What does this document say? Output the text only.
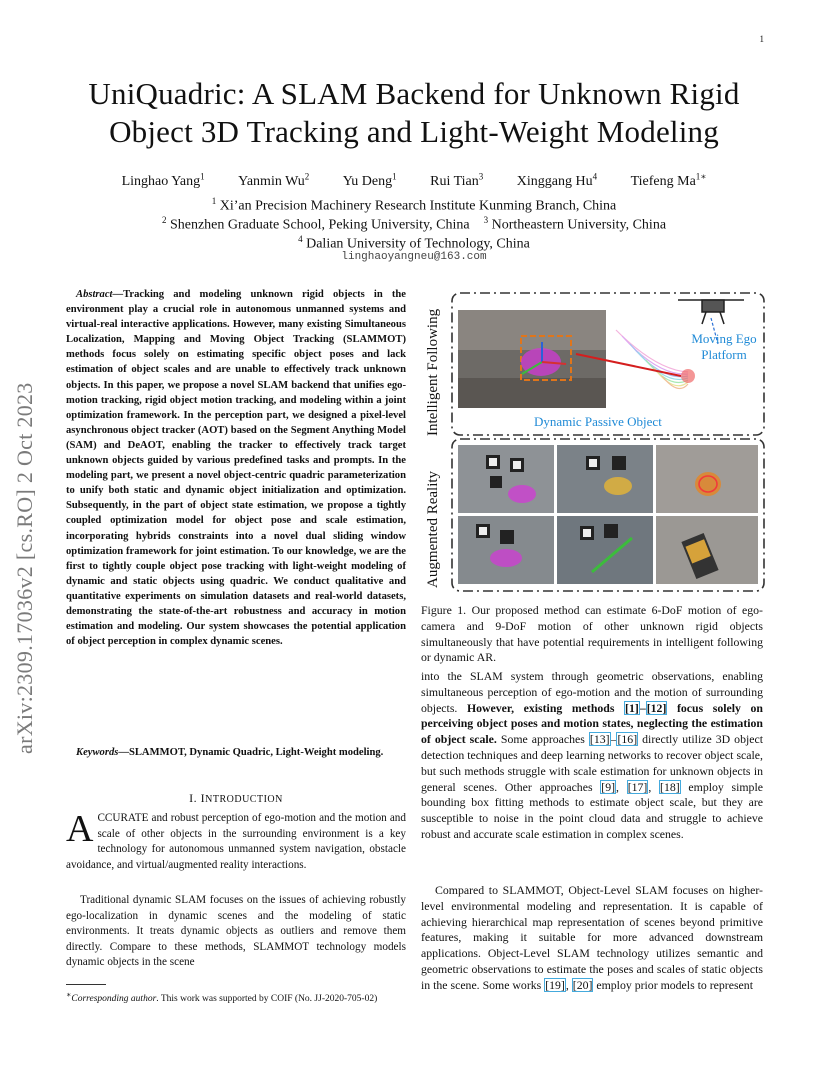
1
UniQuadric: A SLAM Backend for Unknown Rigid
Object 3D Tracking and Light-Weight Modeling
Linghao Yang$^1$ Yanmin Wu$^2$ Yu Deng$^1$ Rui Tian$^3$ Xinggang Hu$^4$ Tiefeng $Ma^{1∗}$
$^1$ Xi’an Precision Machinery Research Institute Kunming Branch, China
$^2$ Shenzhen Graduate School, Peking University, China $^3$ Northeastern University, China
$^4$ Dalian University of Technology, China
linghaoyangneu@163.com
arXiv:2309.17036v2 [cs.RO] 2 Oct 2023

Abstract—Tracking and modeling unknown rigid objects in the environment play a crucial role in autonomous unmanned systems and virtual-real interactive applications. However, many existing Simultaneous Localization, Mapping and Moving Object Tracking (SLAMMOT) methods focus solely on estimating specific object poses and lack estimation of object scales and are unable to effectively track unknown objects. In this paper, we propose a novel SLAM backend that unifies ego-motion tracking, rigid object motion tracking, and modeling within a joint optimization framework. In the perception part, we designed a pixel-level asynchronous object tracker (AOT) based on the Segment Anything Model (SAM) and DeAOT, enabling the tracker to effectively track target unknown objects guided by various predefined tasks and prompts. In the modeling part, we present a novel object-centric quadric parameterization to unify both static and dynamic object initialization and optimization. Subsequently, in the part of object state estimation, we propose a tightly coupled optimization model for object pose and scale estimation, incorporating hybrids constraints into a novel dual sliding window optimization framework for joint estimation. To our knowledge, we are the first to tightly couple object pose tracking with light-weight modeling of dynamic and static objects using quadric. We conduct qualitative and quantitative experiments on simulation datasets and real-world datasets, demonstrating the state-of-the-art robustness and accuracy in motion estimation and modeling. Our system showcases the potential application of object perception in complex dynamic scenes.

Keywords—SLAMMOT, Dynamic Quadric, Light-Weight modeling.

I. INTRODUCTION

ACCURATE and robust perception of ego-motion and the motion and scale of other objects in the surrounding environment is a key technology for autonomous unmanned system navigation, obstacle avoidance, and virtual/augmented reality interactions.

Traditional dynamic SLAM focuses on the issues of achieving robustly ego-localization in dynamic scenes and the modeling of static environments. It treats dynamic objects as outliers and remove them directly. Compare to these methods, SLAMMOT technology models dynamic objects in the scene

∗Corresponding author. This work was supported by COIF (No. JJ-2020-705-02)

Intelligent Following
Augmented Reality
Moving Ego
Platform
Dynamic Passive Object

Figure 1. Our proposed method can estimate 6-DoF motion of ego-camera and 9-DoF motion of other unknown rigid objects simultaneously that have potential requirements in intelligent following or dynamic AR.

into the SLAM system through geometric observations, enabling simultaneous perception of ego-motion and the motion of surrounding objects. However, existing methods [1]–[12] focus solely on perceiving object poses and motion states, neglecting the estimation of object scale. Some approaches [13]–[16] directly utilize 3D object detection techniques and deep learning networks to recover object scale, but such methods struggle with scale estimation for unknown objects in general scenes. Other approaches [9], [17], [18] employ simple bounding box fitting methods to estimate object scale, but they are susceptible to noise in the point cloud data and struggle to achieve robust and accurate scale estimation in complex scenes.

Compared to SLAMMOT, Object-Level SLAM focuses on higher-level environmental modeling and representation. It is capable of achieving hierarchical map representation of scenes beyond primitive features, making it suitable for more advanced downstream applications. Object-Level SLAM technology utilizes semantic and geometric observations to estimate the poses and scales of static objects in the scene. Some works [19], [20] employ prior models to represent
